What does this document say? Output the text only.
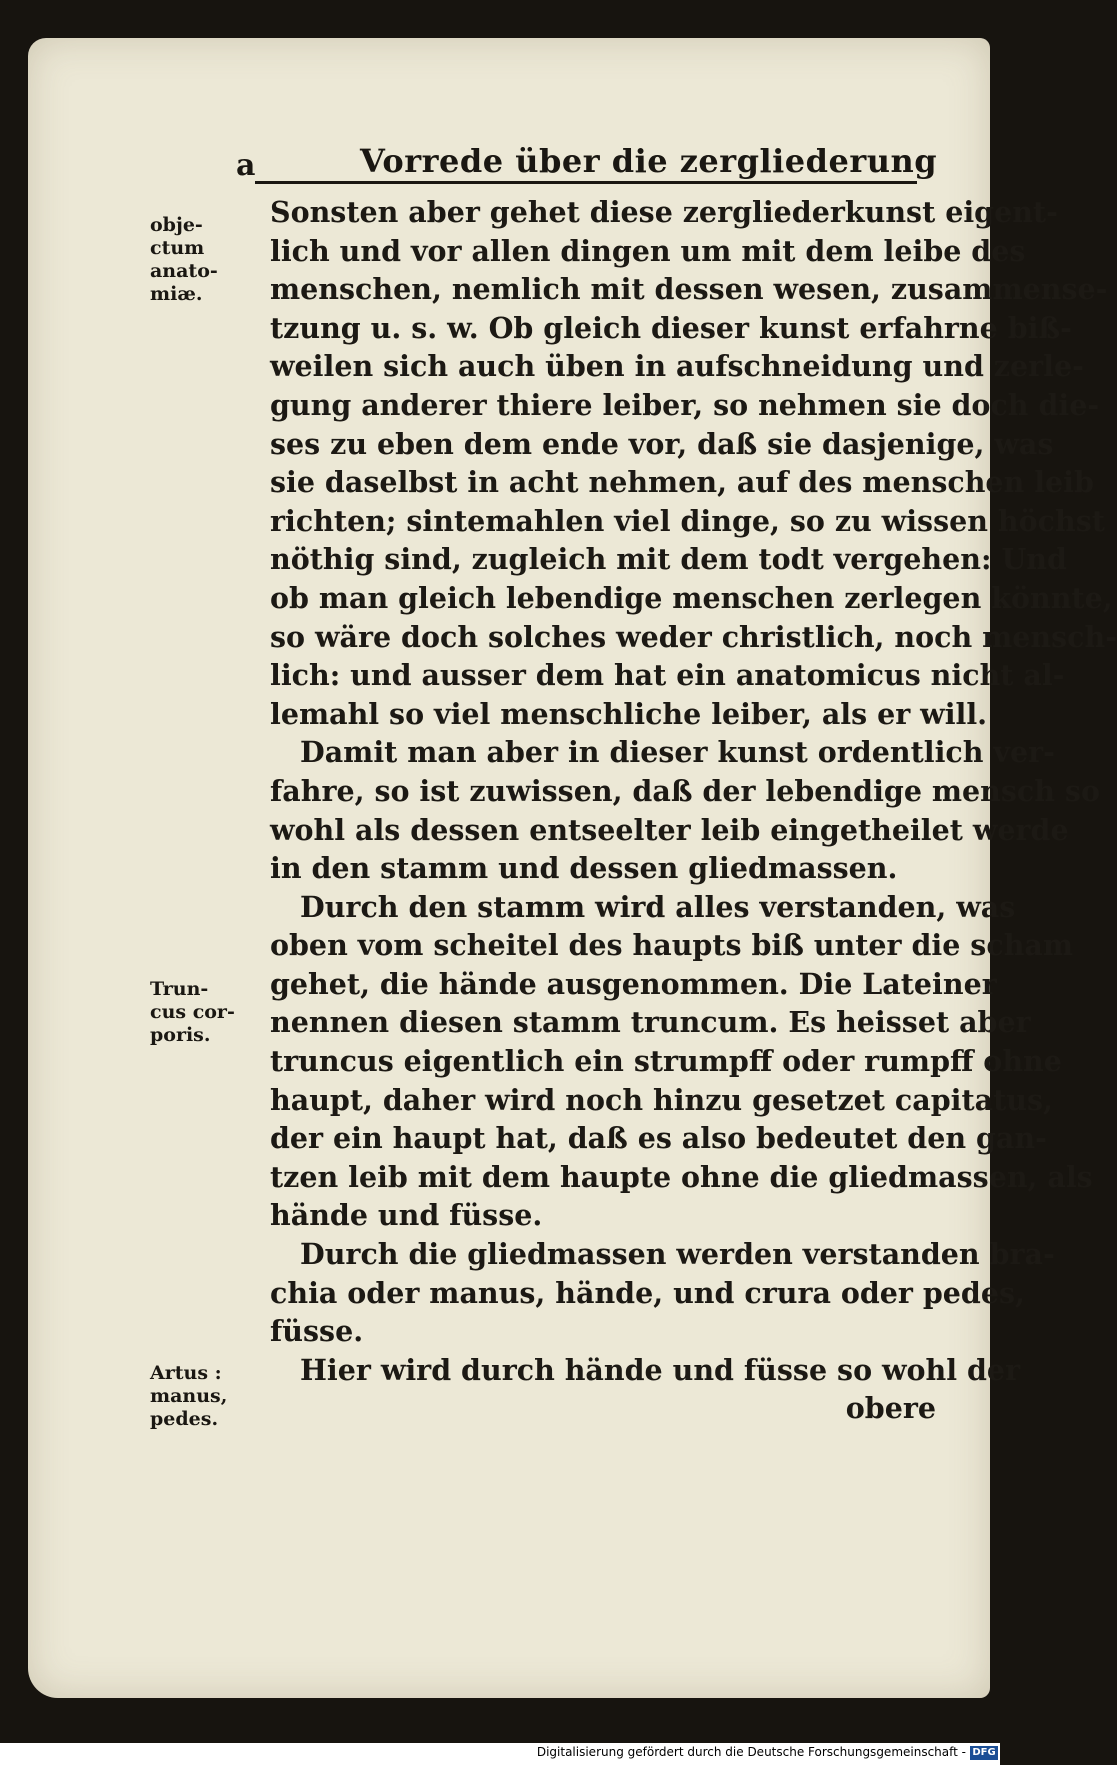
a	Vorrede über die zergliederung
obje-
ctum
anato-
miæ.
Trun-
cus cor-
poris.
Artus :
manus,
pedes.
Sonsten aber gehet diese zergliederkunst eigent-
lich und vor allen dingen um mit dem leibe des
menschen, nemlich mit dessen wesen, zusammense-
tzung u. s. w. Ob gleich dieser kunst erfahrne biß-
weilen sich auch üben in aufschneidung und zerle-
gung anderer thiere leiber, so nehmen sie doch die-
ses zu eben dem ende vor, daß sie dasjenige, was
sie daselbst in acht nehmen, auf des menschen leib
richten; sintemahlen viel dinge, so zu wissen höchst
nöthig sind, zugleich mit dem todt vergehen: Und
ob man gleich lebendige menschen zerlegen könnte,
so wäre doch solches weder christlich, noch mensch-
lich: und ausser dem hat ein anatomicus nicht al-
lemahl so viel menschliche leiber, als er will.
Damit man aber in dieser kunst ordentlich ver-
fahre, so ist zuwissen, daß der lebendige mensch so
wohl als dessen entseelter leib eingetheilet werde
in den stamm und dessen gliedmassen.
Durch den stamm wird alles verstanden, was
oben vom scheitel des haupts biß unter die scham
gehet, die hände ausgenommen. Die Lateiner
nennen diesen stamm truncum. Es heisset aber
truncus eigentlich ein strumpff oder rumpff ohne
haupt, daher wird noch hinzu gesetzet capitatus,
der ein haupt hat, daß es also bedeutet den gan-
tzen leib mit dem haupte ohne die gliedmassen, als
hände und füsse.
Durch die gliedmassen werden verstanden bra-
chia oder manus, hände, und crura oder pedes,
füsse.
Hier wird durch hände und füsse so wohl der
obere
Digitalisierung gefördert durch die Deutsche Forschungsgemeinschaft - DFG
